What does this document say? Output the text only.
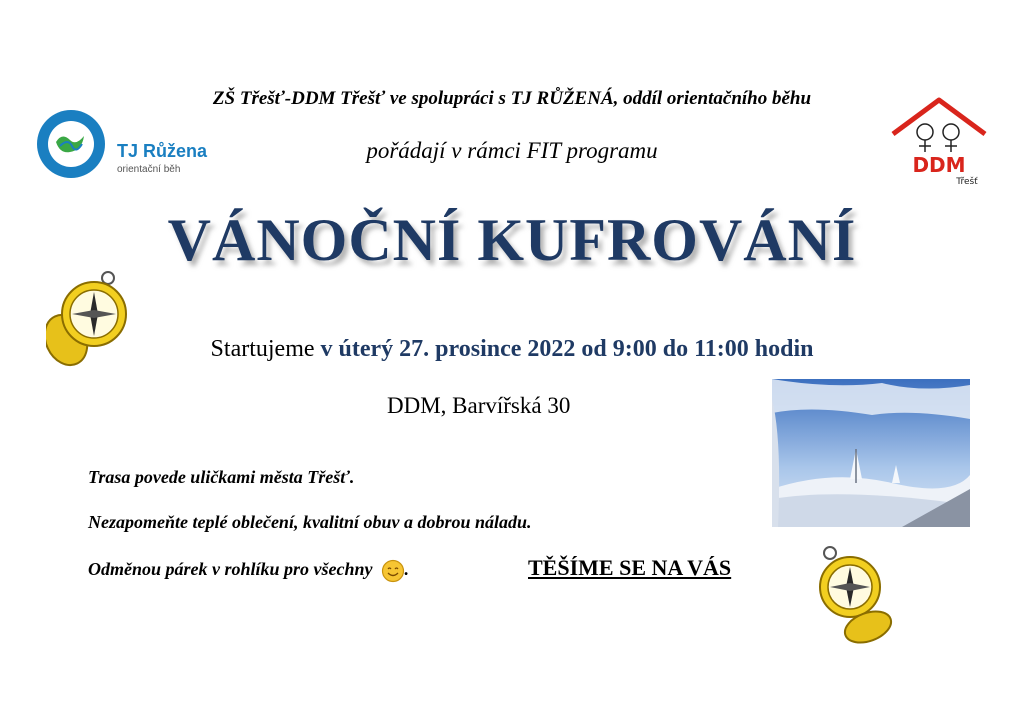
TJ Růžena
orientační běh	DDM
Třešť
ZŠ Třešť-DDM Třešť ve spolupráci s TJ RŮŽENÁ, oddíl orientačního běhu
pořádají v rámci FIT programu
VÁNOČNÍ KUFROVÁNÍ
Startujeme v úterý 27. prosince 2022 od 9:00 do 11:00 hodin
DDM, Barvířská 30
Trasa povede uličkami města Třešť.
Nezapomeňte teplé oblečení, kvalitní obuv a dobrou náladu.
Odměnou párek v rohlíku pro všechny .	TĚŠÍME SE NA VÁS
